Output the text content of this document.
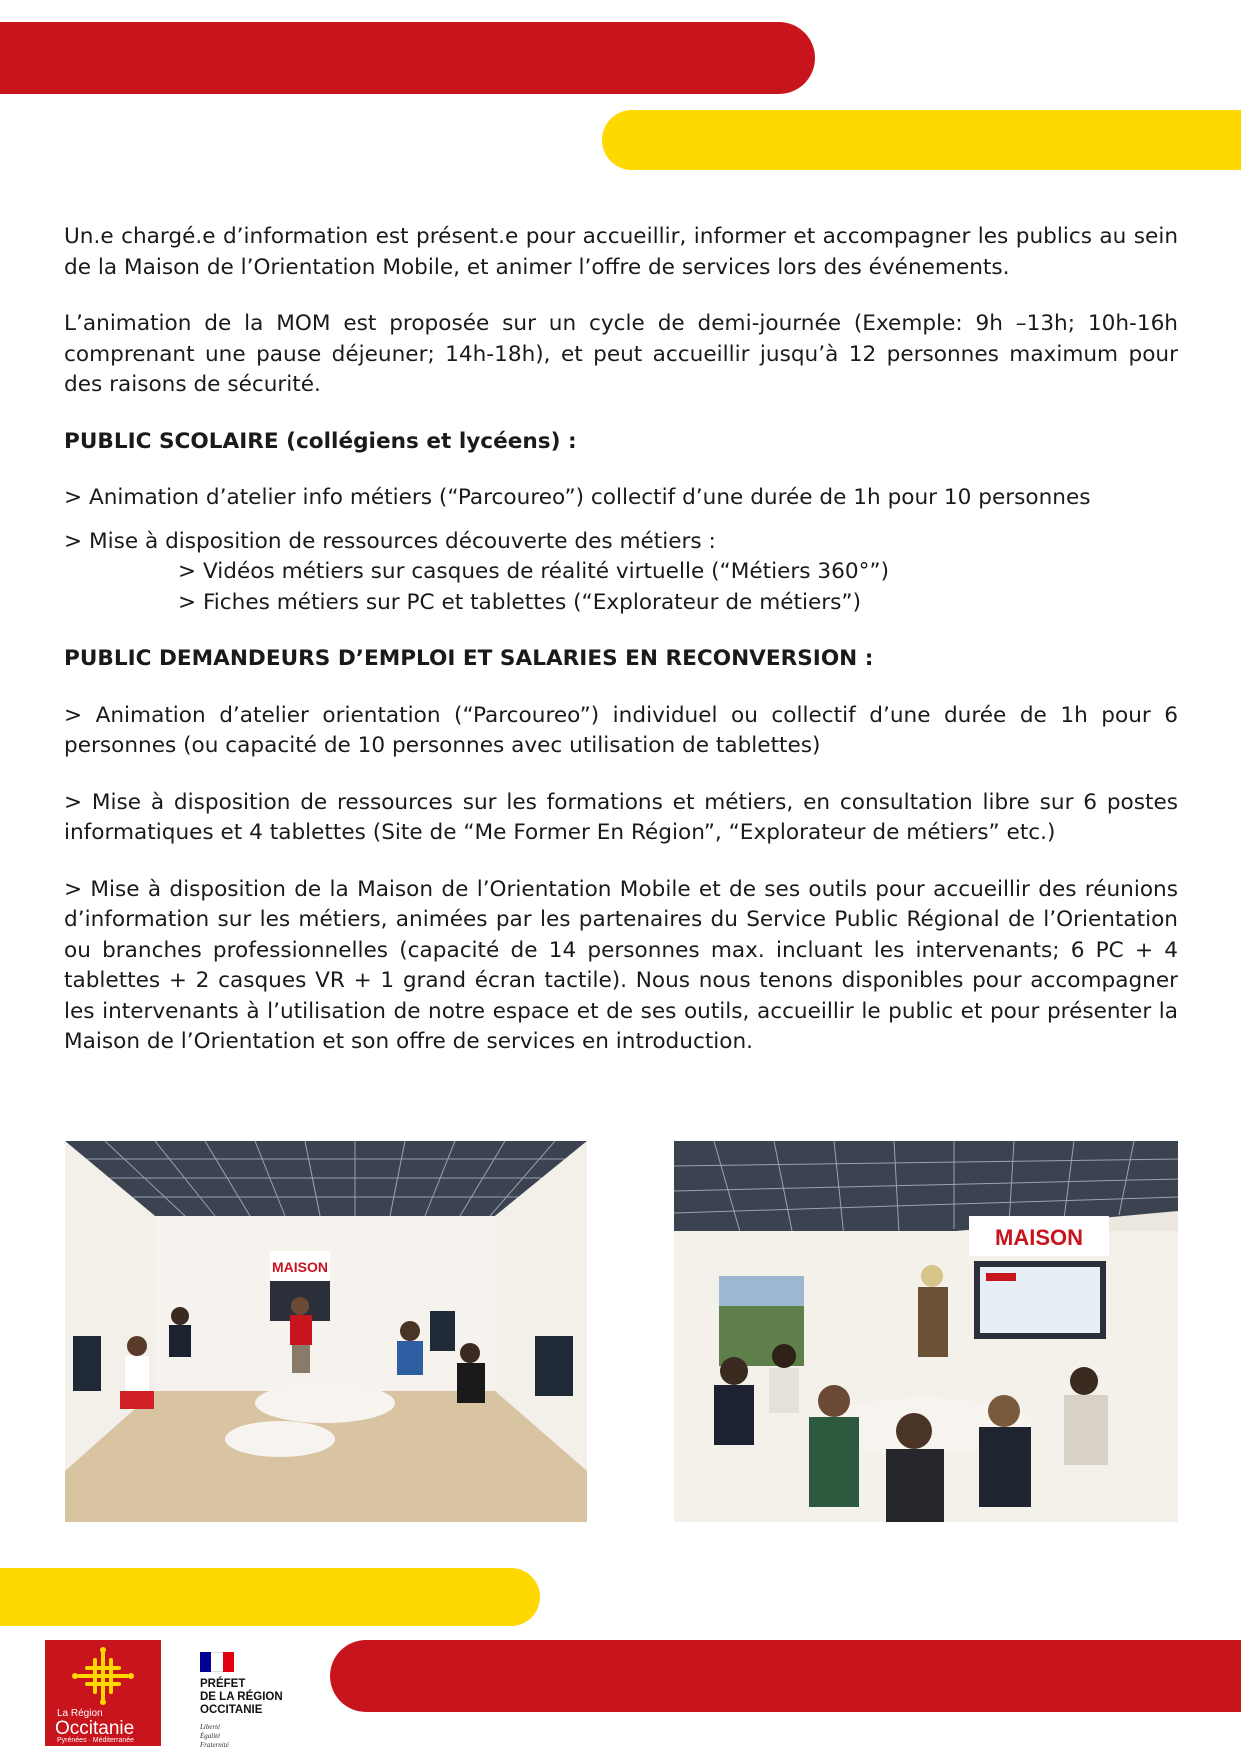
Un.e chargé.e d’information est présent.e pour accueillir, informer et accompagner les publics au sein de la Maison de l’Orientation Mobile, et animer l’offre de services lors des événements.

L’animation de la MOM est proposée sur un cycle de demi-journée (Exemple: 9h –13h; 10h-16h comprenant une pause déjeuner; 14h-18h), et peut accueillir jusqu’à 12 personnes maximum pour des raisons de sécurité.

PUBLIC SCOLAIRE (collégiens et lycéens) :

> Animation d’atelier info métiers (“Parcoureo”) collectif d’une durée de 1h pour 10 personnes

> Mise à disposition de ressources découverte des métiers :

> Vidéos métiers sur casques de réalité virtuelle (“Métiers 360°”)

> Fiches métiers sur PC et tablettes (“Explorateur de métiers”)

PUBLIC DEMANDEURS D’EMPLOI ET SALARIES EN RECONVERSION :

> Animation d’atelier orientation (“Parcoureo”) individuel ou collectif d’une durée de 1h pour 6 personnes (ou capacité de 10 personnes avec utilisation de tablettes)

> Mise à disposition de ressources sur les formations et métiers, en consultation libre sur 6 postes informatiques et 4 tablettes (Site de “Me Former En Région”, “Explorateur de métiers” etc.)

> Mise à disposition de la Maison de l’Orientation Mobile et de ses outils pour accueillir des réunions d’information sur les métiers, animées par les partenaires du Service Public Régional de l’Orientation ou branches professionnelles (capacité de 14 personnes max. incluant les intervenants; 6 PC + 4 tablettes + 2 casques VR + 1 grand écran tactile). Nous nous tenons disponibles pour accompagner les intervenants à l’utilisation de notre espace et de ses outils, accueillir le public et pour présenter la Maison de l’Orientation et son offre de services en introduction.

MAISON
MAISON
La Région
Occitanie
Pyrénées · Méditerranée
PRÉFET
DE LA RÉGION
OCCITANIE
Liberté
Égalité
Fraternité
